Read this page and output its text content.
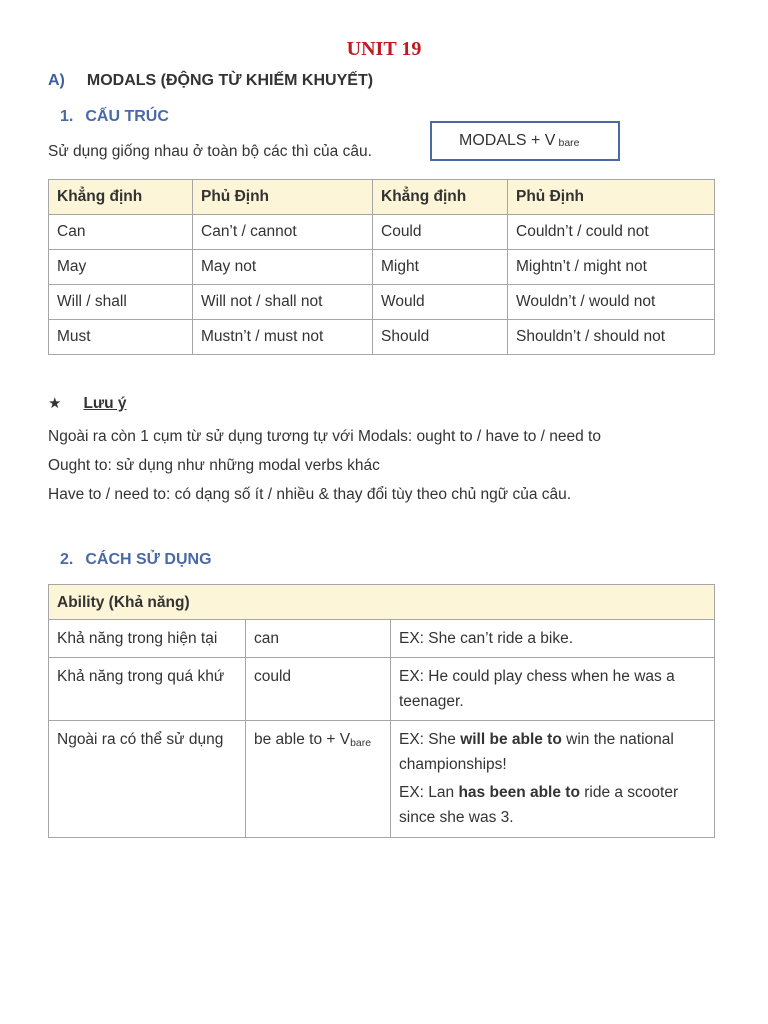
UNIT 19
A) MODALS (ĐỘNG TỪ KHIẾM KHUYẾT)
1. CẤU TRÚC
Sử dụng giống nhau ở toàn bộ các thì của câu.
MODALS + V bare
Khẳng định	Phủ Định	Khẳng định	Phủ Định
Can	Can’t / cannot	Could	Couldn’t / could not
May	May not	Might	Mightn’t / might not
Will / shall	Will not / shall not	Would	Wouldn’t / would not
Must	Mustn’t / must not	Should	Shouldn’t / should not
★ Lưu ý
Ngoài ra còn 1 cụm từ sử dụng tương tự với Modals: ought to / have to / need to
Ought to: sử dụng như những modal verbs khác
Have to / need to: có dạng số ít / nhiều & thay đổi tùy theo chủ ngữ của câu.
2. CÁCH SỬ DỤNG
Ability (Khả năng)		
Khả năng trong hiện tại	can	EX: She can’t ride a bike.
Khả năng trong quá khứ	could	EX: He could play chess when he was a teenager.
Ngoài ra có thể sử dụng	be able to + Vbare	EX: She will be able to win the national championships!

EX: Lan has been able to ride a scooter since she was 3.
